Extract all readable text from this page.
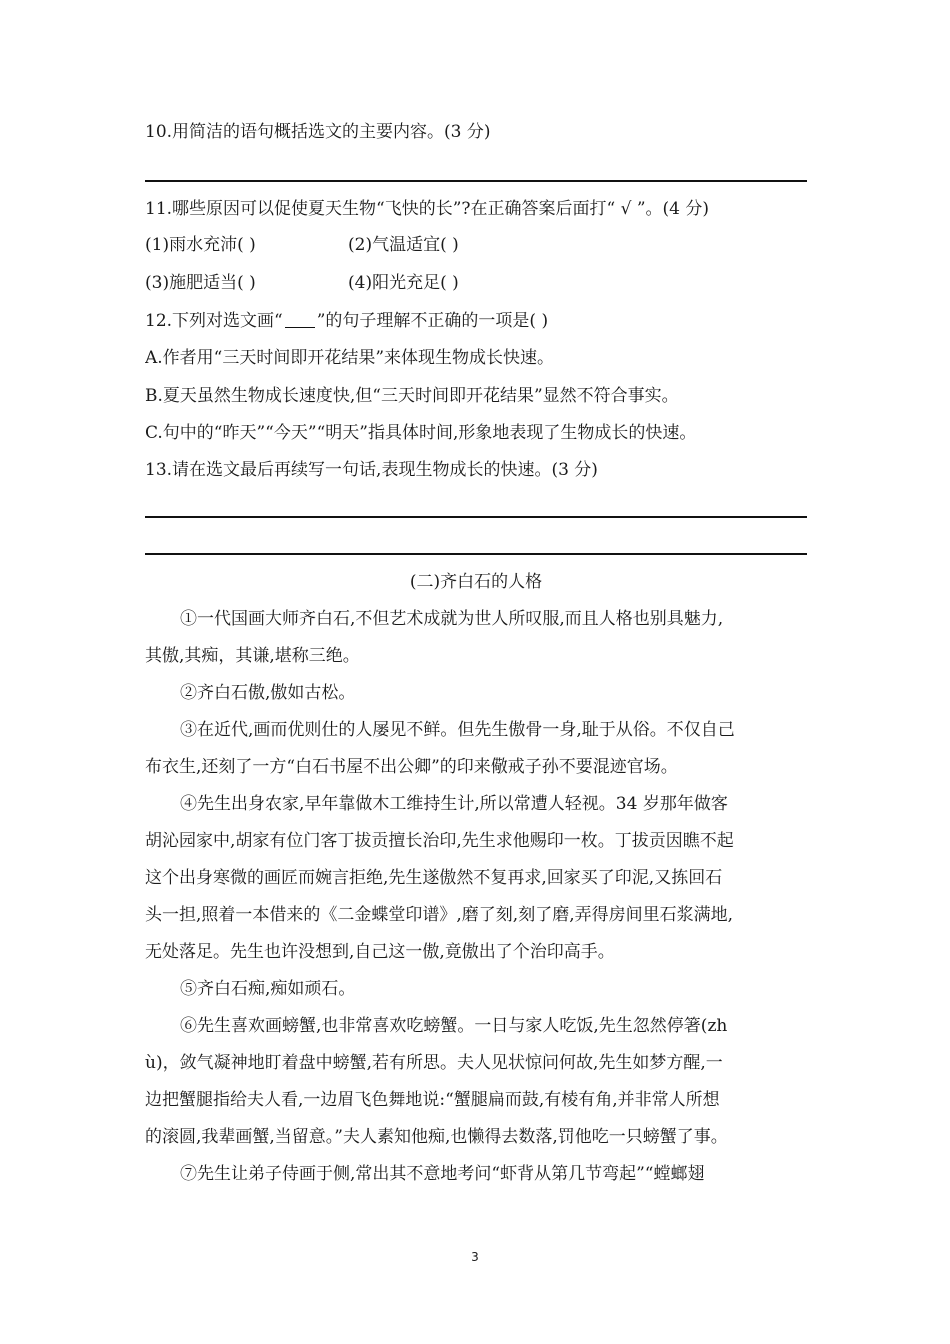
10.用简洁的语句概括选文的主要内容。(3 分)
11.哪些原因可以促使夏天生物“飞快的长”?在正确答案后面打“ √ ”。(4 分)
(1)雨水充沛( )	(2)气温适宜( )
(3)施肥适当( )	(4)阳光充足( )
12.下列对选文画“ ”的句子理解不正确的一项是( )
A.作者用“三天时间即开花结果”来体现生物成长快速。
B.夏天虽然生物成长速度快,但“三天时间即开花结果”显然不符合事实。
C.句中的“昨天”“今天”“明天”指具体时间,形象地表现了生物成长的快速。
13.请在选文最后再续写一句话,表现生物成长的快速。(3 分)
(二)齐白石的人格
①一代国画大师齐白石,不但艺术成就为世人所叹服,而且人格也别具魅力,
其傲,其痴，其谦,堪称三绝。
②齐白石傲,傲如古松。
③在近代,画而优则仕的人屡见不鲜。但先生傲骨一身,耻于从俗。不仅自己
布衣生,还刻了一方“白石书屋不出公卿”的印来儆戒子孙不要混迹官场。
④先生出身农家,早年靠做木工维持生计,所以常遭人轻视。34 岁那年做客
胡沁园家中,胡家有位门客丁拔贡擅长治印,先生求他赐印一枚。丁拔贡因瞧不起
这个出身寒微的画匠而婉言拒绝,先生遂傲然不复再求,回家买了印泥,又拣回石
头一担,照着一本借来的《二金蝶堂印谱》,磨了刻,刻了磨,弄得房间里石浆满地,
无处落足。先生也许没想到,自己这一傲,竟傲出了个治印高手。
⑤齐白石痴,痴如顽石。
⑥先生喜欢画螃蟹,也非常喜欢吃螃蟹。一日与家人吃饭,先生忽然停箸(zh
ù)，敛气凝神地盯着盘中螃蟹,若有所思。夫人见状惊问何故,先生如梦方醒,一
边把蟹腿指给夫人看,一边眉飞色舞地说:“蟹腿扁而鼓,有棱有角,并非常人所想
的滚圆,我辈画蟹,当留意。”夫人素知他痴,也懒得去数落,罚他吃一只螃蟹了事。
⑦先生让弟子侍画于侧,常出其不意地考问“虾背从第几节弯起”“螳螂翅
3
